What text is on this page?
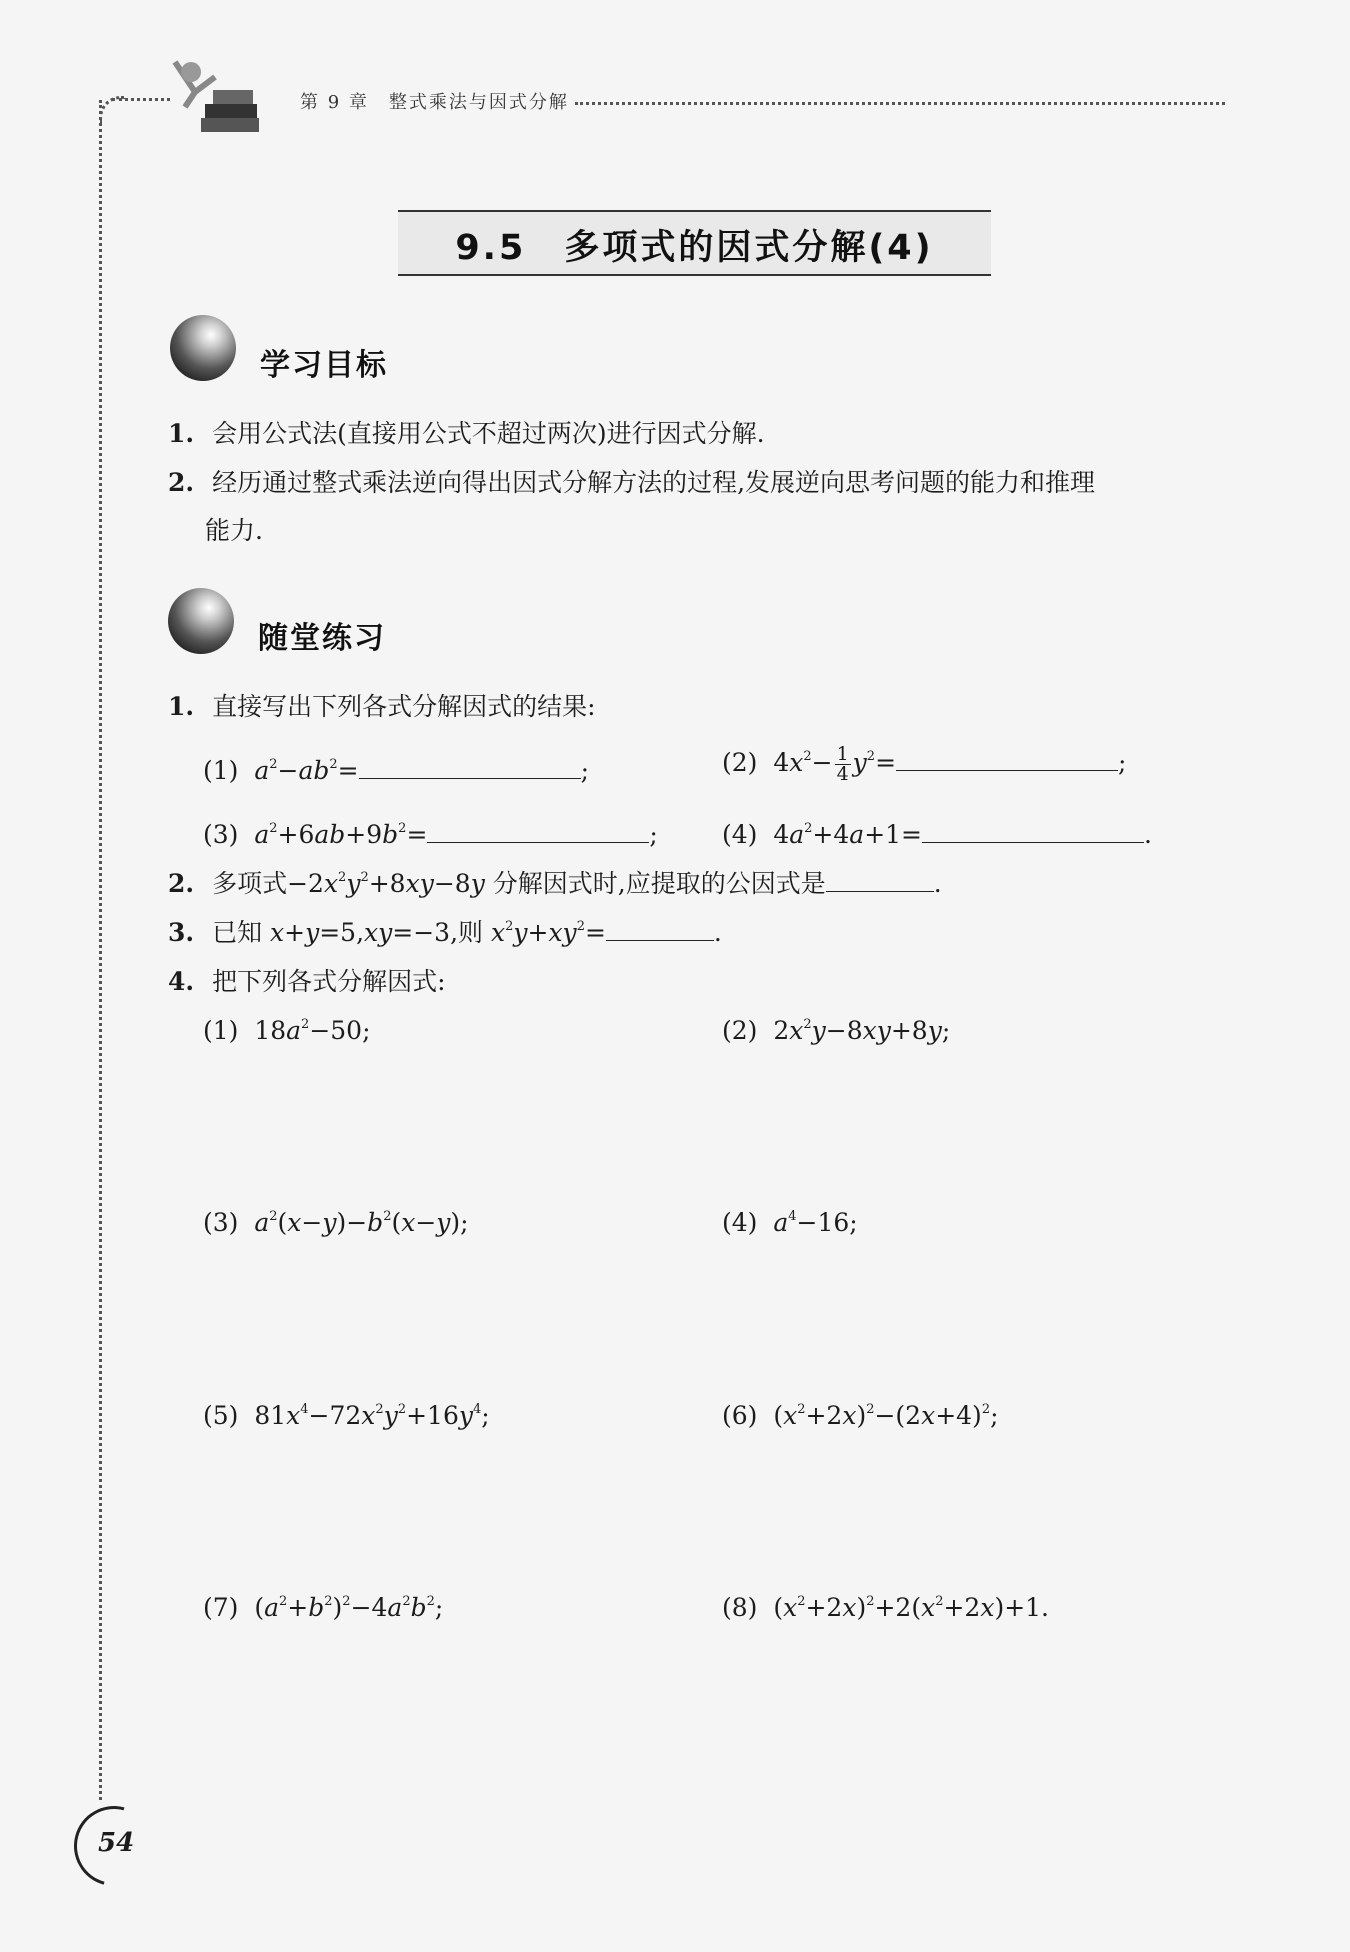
第 9 章　整式乘法与因式分解
9.5　多项式的因式分解(4)
学习目标
1. 会用公式法(直接用公式不超过两次)进行因式分解.
2. 经历通过整式乘法逆向得出因式分解方法的过程,发展逆向思考问题的能力和推理
能力.
随堂练习
1. 直接写出下列各式分解因式的结果:
(1) $a^2-ab^2=$	;	(2)  $4x^2- \frac{1}{4} y^2=$	;
(3) $a^2+6ab+9b^2=$	;	(4)  $4a^2+4a+1=$	.
2. 多项式$-2x^2y^2+8xy-8y$ 分解因式时,应提取的公因式是	.
3. 已知 x+y=5,xy=−3,则 $x^2y+xy^2=$	.
4. 把下列各式分解因式:
(1)  $18a^2-50$;	(2)  $2x^2y-8xy+8y$;
(3) $a^2(x-y)-b^2(x-y)$;	(4) $a^4-16$;
(5)  $81x^4-72x^2y^2+16y^4$;	(6)  $(x^2+2x)^2-(2x+4)^2$;
(7)  $(a^2+b^2)^2-4a^2b^2$;	(8)  $(x^2+2x)^2+2(x^2+2x)+1$.
54
